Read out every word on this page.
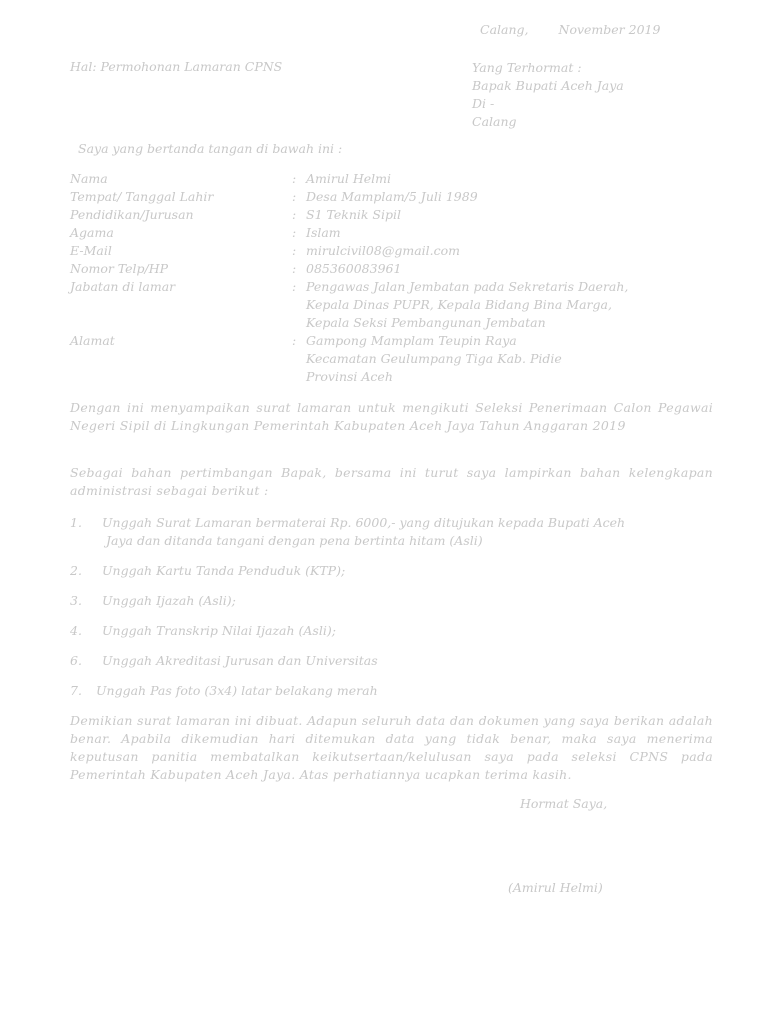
Calang, November 2019
Hal: Permohonan Lamaran CPNS	Yang Terhormat :
Bapak Bupati Aceh Jaya
Di -
Calang
Saya yang bertanda tangan di bawah ini :
Nama	: Amirul Helmi
Tempat/ Tanggal Lahir	: Desa Mamplam/5 Juli 1989
Pendidikan/Jurusan	: S1 Teknik Sipil
Agama	: Islam
E-Mail	: mirulcivil08@gmail.com
Nomor Telp/HP	: 085360083961
Jabatan di lamar	: Pengawas Jalan Jembatan pada Sekretaris Daerah,
Kepala Dinas PUPR, Kepala Bidang Bina Marga,
Kepala Seksi Pembangunan Jembatan
Alamat	: Gampong Mamplam Teupin Raya
Kecamatan Geulumpang Tiga Kab. Pidie
Provinsi Aceh
Dengan ini menyampaikan surat lamaran untuk mengikuti Seleksi Penerimaan Calon Pegawai Negeri Sipil di Lingkungan Pemerintah Kabupaten Aceh Jaya Tahun Anggaran 2019
Sebagai bahan pertimbangan Bapak, bersama ini turut saya lampirkan bahan kelengkapan administrasi sebagai berikut :
1. Unggah Surat Lamaran bermaterai Rp. 6000,- yang ditujukan kepada Bupati Aceh
Jaya dan ditanda tangani dengan pena bertinta hitam (Asli)
2. Unggah Kartu Tanda Penduduk (KTP);
3. Unggah Ijazah (Asli);
4. Unggah Transkrip Nilai Ijazah (Asli);
6. Unggah Akreditasi Jurusan dan Universitas
7. Unggah Pas foto (3x4) latar belakang merah
Demikian surat lamaran ini dibuat. Adapun seluruh data dan dokumen yang saya berikan adalah benar. Apabila dikemudian hari ditemukan data yang tidak benar, maka saya menerima keputusan panitia membatalkan keikutsertaan/kelulusan saya pada seleksi CPNS pada Pemerintah Kabupaten Aceh Jaya. Atas perhatiannya ucapkan terima kasih.
Hormat Saya,
(Amirul Helmi)
